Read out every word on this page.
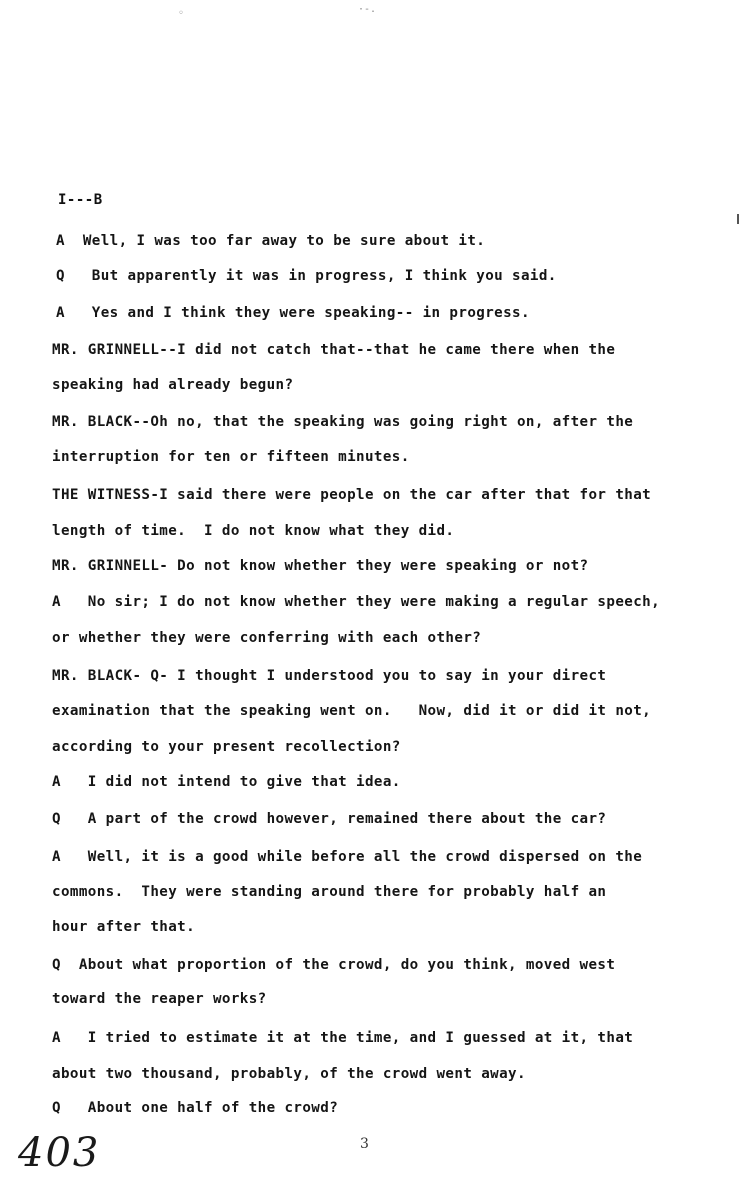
◦	·-.
I---B
A  Well, I was too far away to be sure about it.
Q   But apparently it was in progress, I think you said.
A   Yes and I think they were speaking-- in progress.
MR. GRINNELL--I did not catch that--that he came there when the
speaking had already begun?
MR. BLACK--Oh no, that the speaking was going right on, after the
interruption for ten or fifteen minutes.
THE WITNESS-I said there were people on the car after that for that
length of time.  I do not know what they did.
MR. GRINNELL- Do not know whether they were speaking or not?
A   No sir; I do not know whether they were making a regular speech,
or whether they were conferring with each other?
MR. BLACK- Q- I thought I understood you to say in your direct
examination that the speaking went on.   Now, did it or did it not,
according to your present recollection?
A   I did not intend to give that idea.
Q   A part of the crowd however, remained there about the car?
A   Well, it is a good while before all the crowd dispersed on the
commons.  They were standing around there for probably half an
hour after that.
Q  About what proportion of the crowd, do you think, moved west
toward the reaper works?
A   I tried to estimate it at the time, and I guessed at it, that
about two thousand, probably, of the crowd went away.
Q   About one half of the crowd?
403	3
